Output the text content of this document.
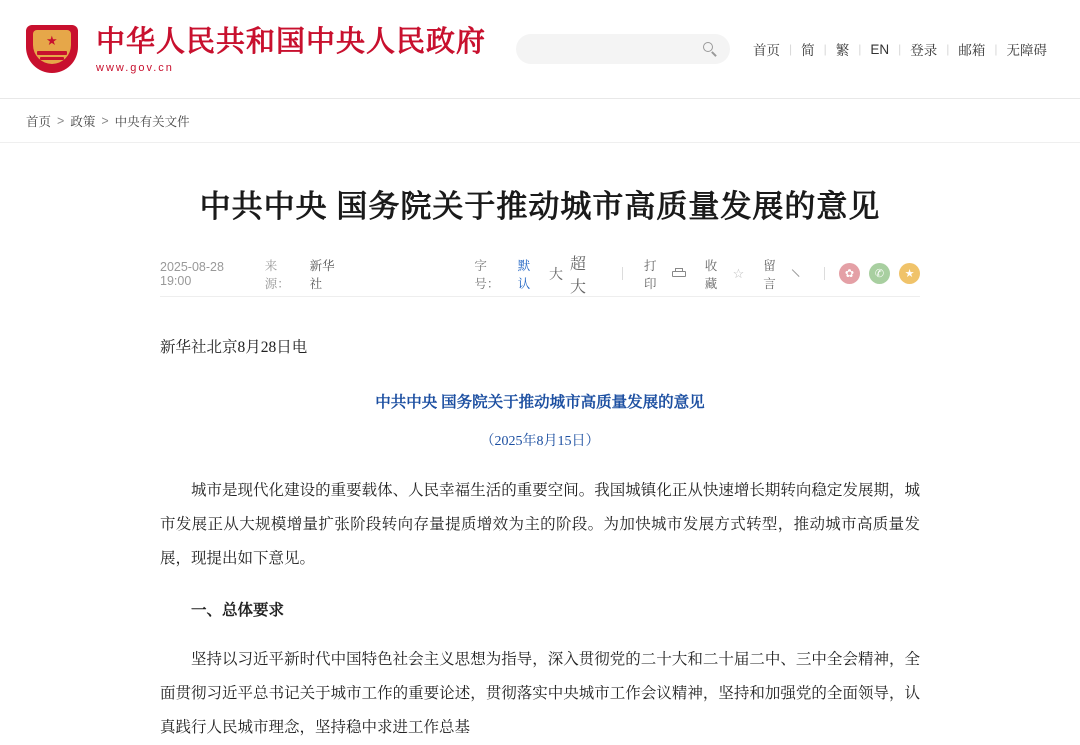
★ 中华人民共和国中央人民政府
www.gov.cn
首页 | 简 | 繁 | EN | 登录 | 邮箱 | 无障碍
首页 > 政策 > 中央有关文件
中共中央 国务院关于推动城市高质量发展的意见
2025-08-28 19:00
来源：
新华社
字号：
默认
大
超大
打印
收藏
☆ 留言
✿	✆	★
新华社北京8月28日电
中共中央 国务院关于推动城市高质量发展的意见
（2025年8月15日）

城市是现代化建设的重要载体、人民幸福生活的重要空间。我国城镇化正从快速增长期转向稳定发展期，城市发展正从大规模增量扩张阶段转向存量提质增效为主的阶段。为加快城市发展方式转型，推动城市高质量发展，现提出如下意见。

一、总体要求

坚持以习近平新时代中国特色社会主义思想为指导，深入贯彻党的二十大和二十届二中、三中全会精神，全面贯彻习近平总书记关于城市工作的重要论述，贯彻落实中央城市工作会议精神，坚持和加强党的全面领导，认真践行人民城市理念，坚持稳中求进工作总基
